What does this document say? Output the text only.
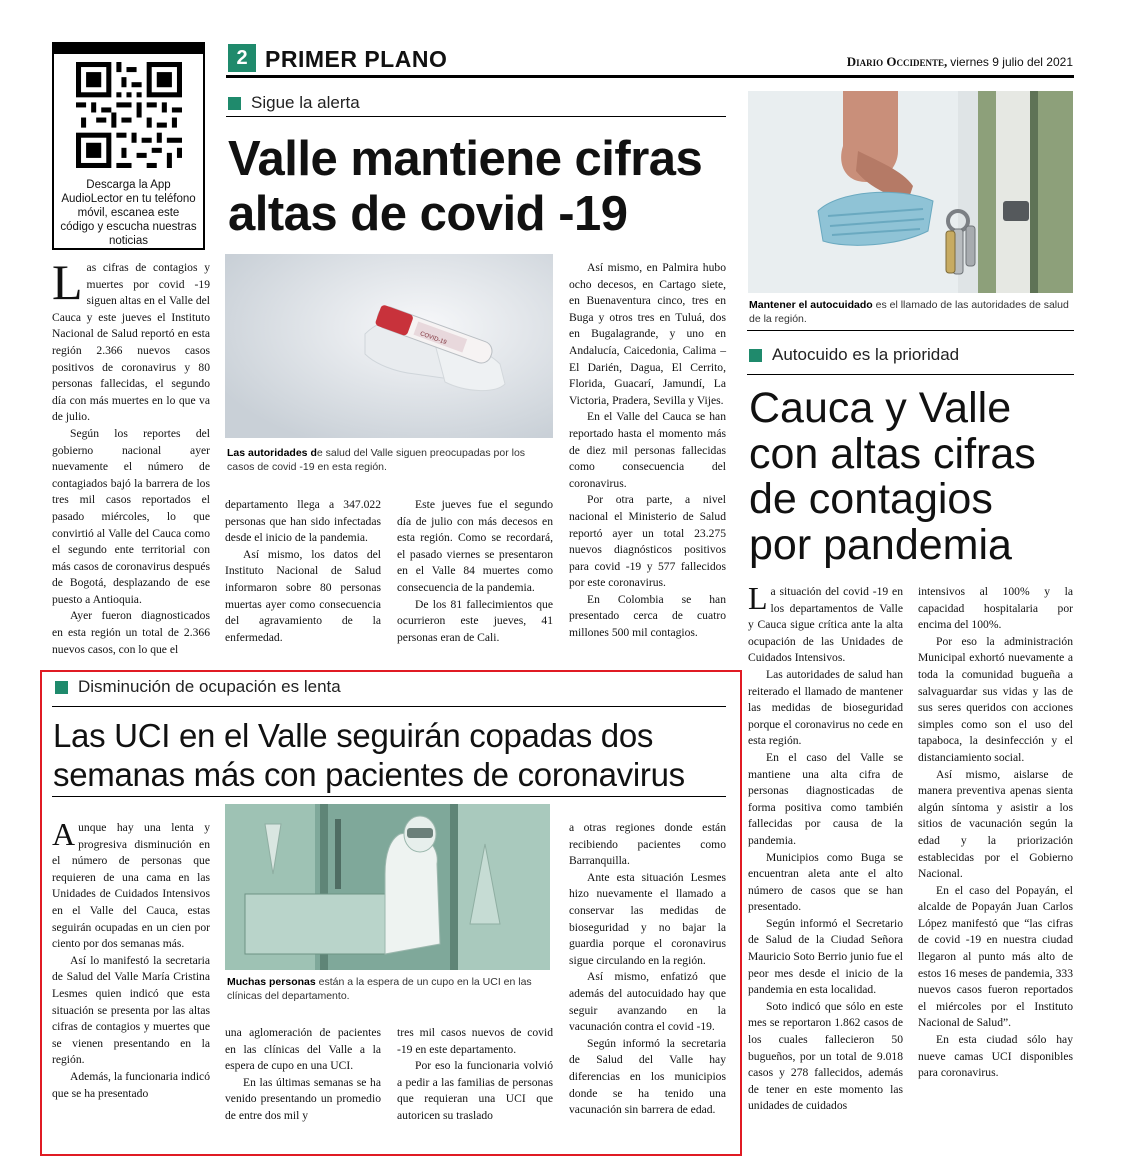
Descarga la App AudioLector en tu teléfono móvil, escanea este código y escucha nuestras noticias
2 PRIMER PLANO	Diario Occidente, viernes 9 julio del 2021
Sigue la alerta
Valle mantiene cifras
altas de covid -19
COVID-19
Las autoridades de salud del Valle siguen preocupadas por los casos de covid -19 en esta región.

Las cifras de contagios y muertes por covid -19 siguen altas en el Valle del Cauca y este jueves el Instituto Nacional de Salud reportó en esta región 2.366 nuevos casos positivos de coronavirus y 80 personas fallecidas, el segundo día con más muertes en lo que va de julio.

Según los reportes del gobierno nacional ayer nuevamente el número de contagiados bajó la barrera de los tres mil casos reportados el pasado miércoles, lo que convirtió al Valle del Cauca como el segundo ente territorial con más casos de coronavirus después de Bogotá, desplazando de ese puesto a Antioquia.

Ayer fueron diagnosticados en esta región un total de 2.366 nuevos casos, con lo que el

departamento llega a 347.022 personas que han sido infectadas desde el inicio de la pandemia.

Así mismo, los datos del Instituto Nacional de Salud informaron sobre 80 personas muertas ayer como consecuencia del agravamiento de la enfermedad.

Este jueves fue el segundo día de julio con más decesos en esta región. Como se recordará, el pasado viernes se presentaron en el Valle 84 muertes como consecuencia de la pandemia.

De los 81 fallecimientos que ocurrieron este jueves, 41 personas eran de Cali.

Así mismo, en Palmira hubo ocho decesos, en Cartago siete, en Buenaventura cinco, tres en Buga y otros tres en Tuluá, dos en Bugalagrande, y uno en Andalucía, Caicedonia, Calima –El Darién, Dagua, El Cerrito, Florida, Guacarí, Jamundí, La Victoria, Pradera, Sevilla y Vijes.

En el Valle del Cauca se han reportado hasta el momento más de diez mil personas fallecidas como consecuencia del coronavirus.

Por otra parte, a nivel nacional el Ministerio de Salud reportó ayer un total 23.275 nuevos diagnósticos positivos para covid -19 y 577 fallecidos por este coronavirus.

En Colombia se han presentado cerca de cuatro millones 500 mil contagios.

Mantener el autocuidado es el llamado de las autoridades de salud de la región.
Autocuido es la prioridad
Cauca y Valle
con altas cifras
de contagios
por pandemia

La situación del covid -19 en los departamentos de Valle y Cauca sigue crítica ante la alta ocupación de las Unidades de Cuidados Intensivos.

Las autoridades de salud han reiterado el llamado de mantener las medidas de bioseguridad porque el coronavirus no cede en esta región.

En el caso del Valle se mantiene una alta cifra de personas diagnosticadas de forma positiva como también fallecidas por causa de la pandemia.

Municipios como Buga se encuentran aleta ante el alto número de casos que se han presentado.

Según informó el Secretario de Salud de la Ciudad Señora Mauricio Soto Berrio junio fue el peor mes desde el inicio de la pandemia en esta localidad.

Soto indicó que sólo en este mes se reportaron 1.862 casos de los cuales fallecieron 50 bugueños, por un total de 9.018 casos y 278 fallecidos, además de tener en este momento las unidades de cuidados

intensivos al 100% y la capacidad hospitalaria por encima del 100%.

Por eso la administración Municipal exhortó nuevamente a toda la comunidad bugueña a salvaguardar sus vidas y las de sus seres queridos con acciones simples como son el uso del tapaboca, la desinfección y el distanciamiento social.

Así mismo, aislarse de manera preventiva apenas sienta algún síntoma y asistir a los sitios de vacunación según la edad y la priorización establecidas por el Gobierno Nacional.

En el caso del Popayán, el alcalde de Popayán Juan Carlos López manifestó que “las cifras de covid -19 en nuestra ciudad llegaron al punto más alto de estos 16 meses de pandemia, 333 nuevos casos fueron reportados el miércoles por el Instituto Nacional de Salud”.

En esta ciudad sólo hay nueve camas UCI disponibles para coronavirus.

Disminución de ocupación es lenta
Las UCI en el Valle seguirán copadas dos
semanas más con pacientes de coronavirus
Muchas personas están a la espera de un cupo en la UCI en las clínicas del departamento.

Aunque hay una lenta y progresiva disminución en el número de personas que requieren de una cama en las Unidades de Cuidados Intensivos en el Valle del Cauca, estas seguirán ocupadas en un cien por ciento por dos semanas más.

Así lo manifestó la secretaria de Salud del Valle María Cristina Lesmes quien indicó que esta situación se presenta por las altas cifras de contagios y muertes que se vienen presentando en la región.

Además, la funcionaria indicó que se ha presentado

una aglomeración de pacientes en las clínicas del Valle a la espera de cupo en una UCI.

En las últimas semanas se ha venido presentando un promedio de entre dos mil y

tres mil casos nuevos de covid -19 en este departamento.

Por eso la funcionaria volvió a pedir a las familias de personas que requieran una UCI que autoricen su traslado

a otras regiones donde están recibiendo pacientes como Barranquilla.

Ante esta situación Lesmes hizo nuevamente el llamado a conservar las medidas de bioseguridad y no bajar la guardia porque el coronavirus sigue circulando en la región.

Así mismo, enfatizó que además del autocuidado hay que seguir avanzando en la vacunación contra el covid -19.

Según informó la secretaria de Salud del Valle hay diferencias en los municipios donde se ha tenido una vacunación sin barrera de edad.
